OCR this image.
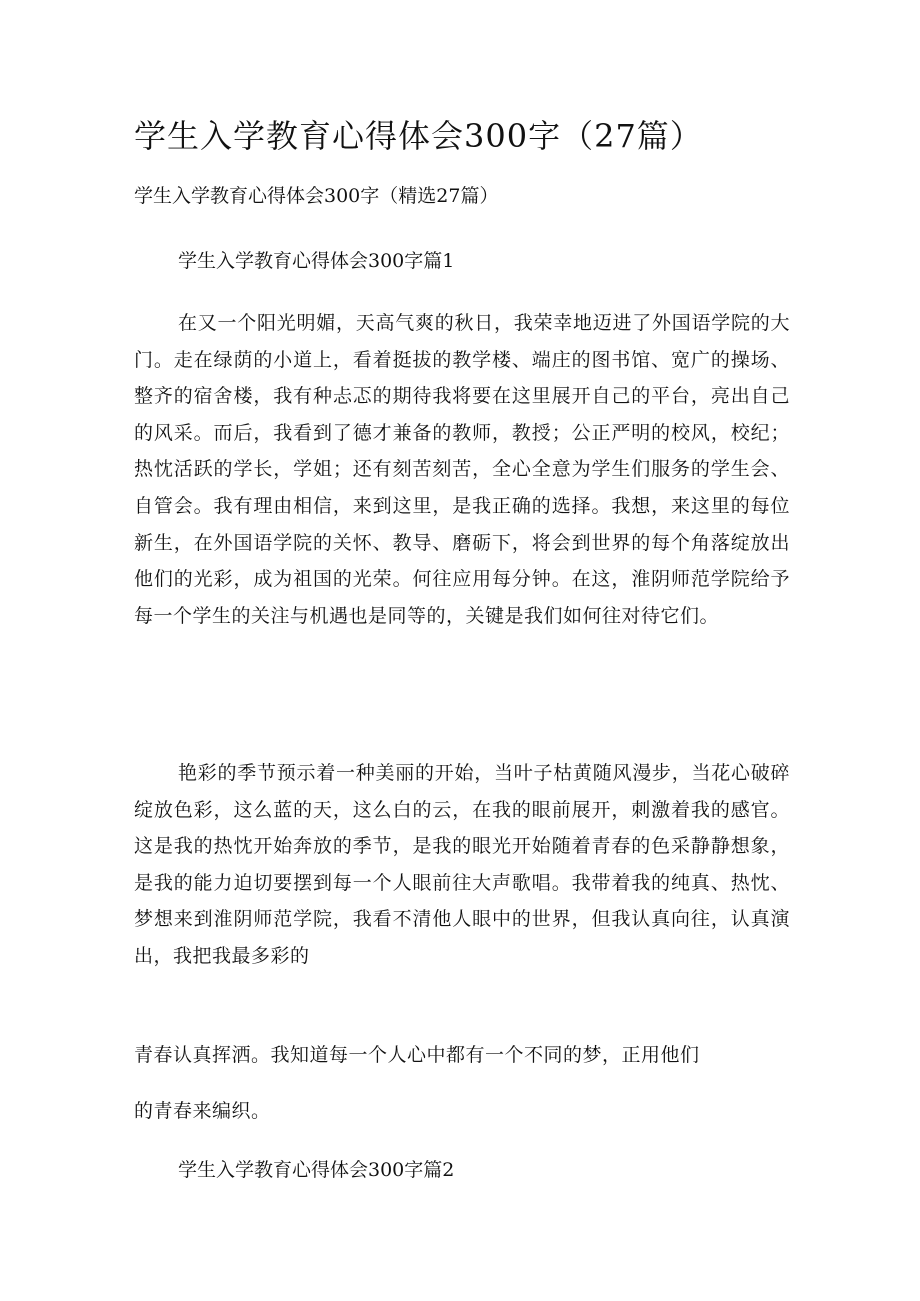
学生入学教育心得体会300字（27篇）

学生入学教育心得体会300字（精选27篇）

学生入学教育心得体会300字篇1

在又一个阳光明媚，天高气爽的秋日，我荣幸地迈进了外国语学院的大
门。走在绿荫的小道上，看着挺拔的教学楼、端庄的图书馆、宽广的操场、
整齐的宿舍楼，我有种忐忑的期待我将要在这里展开自己的平台，亮出自己
的风采。而后，我看到了德才兼备的教师，教授；公正严明的校风，校纪；
热忱活跃的学长，学姐；还有刻苦刻苦，全心全意为学生们服务的学生会、
自管会。我有理由相信，来到这里，是我正确的选择。我想，来这里的每位
新生，在外国语学院的关怀、教导、磨砺下，将会到世界的每个角落绽放出
他们的光彩，成为祖国的光荣。何往应用每分钟。在这，淮阴师范学院给予
每一个学生的关注与机遇也是同等的，关键是我们如何往对待它们。
艳彩的季节预示着一种美丽的开始，当叶子枯黄随风漫步，当花心破碎
绽放色彩，这么蓝的天，这么白的云，在我的眼前展开，刺激着我的感官。
这是我的热忱开始奔放的季节，是我的眼光开始随着青春的色采静静想象，
是我的能力迫切要摆到每一个人眼前往大声歌唱。我带着我的纯真、热忱、
梦想来到淮阴师范学院，我看不清他人眼中的世界，但我认真向往，认真演
出，我把我最多彩的

青春认真挥洒。我知道每一个人心中都有一个不同的梦，正用他们

的青春来编织。

学生入学教育心得体会300字篇2
